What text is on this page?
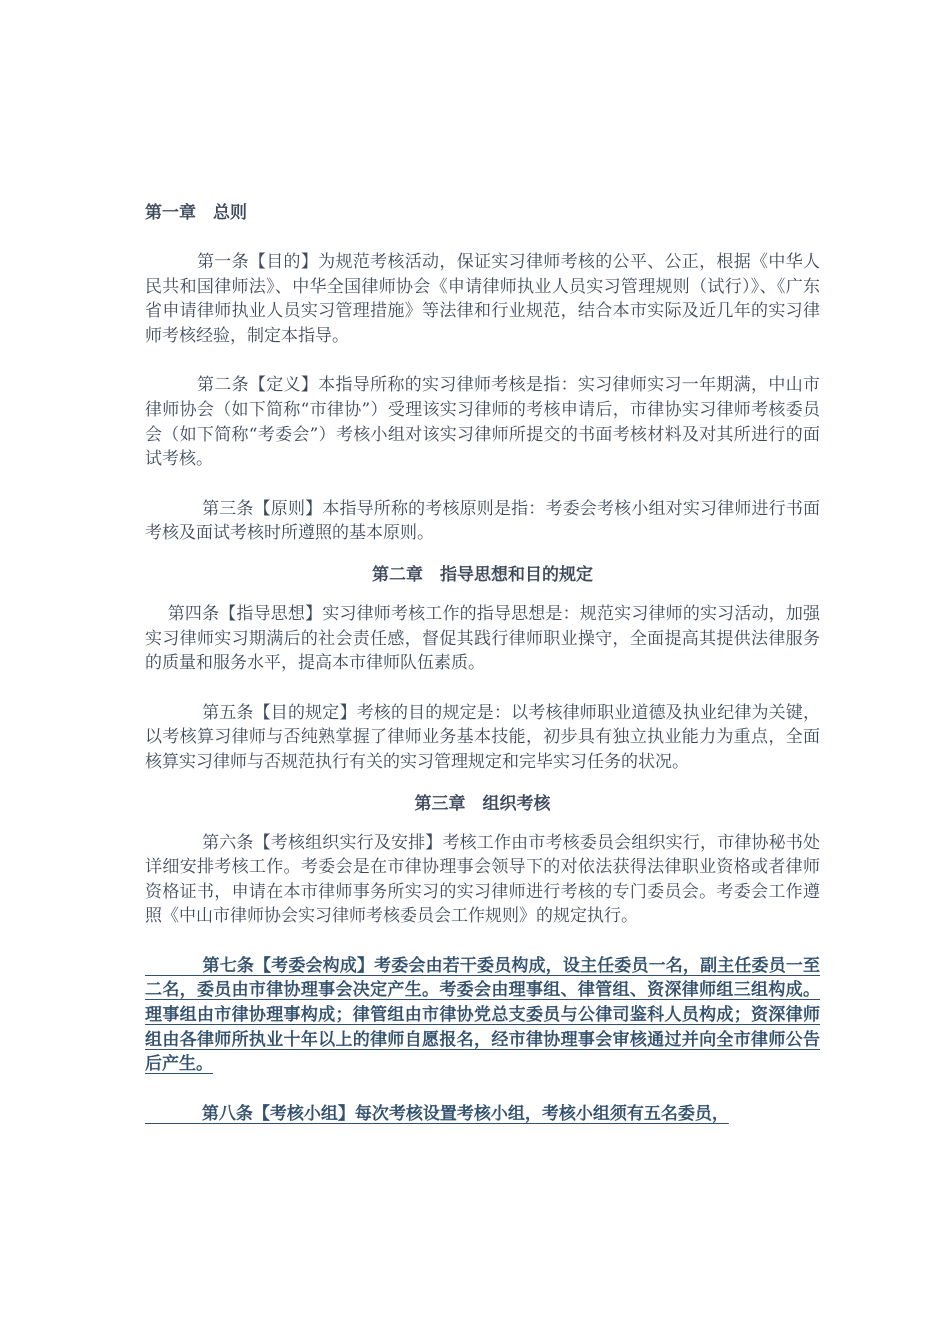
第一章　总则

　　　第一条【目的】为规范考核活动，保证实习律师考核的公平、公正，根据《中华人民共和国律师法》、中华全国律师协会《申请律师执业人员实习管理规则（试行）》、《广东省申请律师执业人员实习管理措施》等法律和行业规范，结合本市实际及近几年的实习律师考核经验，制定本指导。

　　　第二条【定义】本指导所称的实习律师考核是指：实习律师实习一年期满，中山市律师协会（如下简称“市律协”）受理该实习律师的考核申请后，市律协实习律师考核委员会（如下简称“考委会”）考核小组对该实习律师所提交的书面考核材料及对其所进行的面试考核。

　　　 第三条【原则】本指导所称的考核原则是指：考委会考核小组对实习律师进行书面考核及面试考核时所遵照的基本原则。

第二章　指导思想和目的规定

　 第四条【指导思想】实习律师考核工作的指导思想是：规范实习律师的实习活动，加强实习律师实习期满后的社会责任感，督促其践行律师职业操守，全面提高其提供法律服务的质量和服务水平，提高本市律师队伍素质。

　　　 第五条【目的规定】考核的目的规定是：以考核律师职业道德及执业纪律为关键，以考核算习律师与否纯熟掌握了律师业务基本技能，初步具有独立执业能力为重点，全面核算实习律师与否规范执行有关的实习管理规定和完毕实习任务的状况。

第三章　组织考核

　　　 第六条【考核组织实行及安排】考核工作由市考核委员会组织实行，市律协秘书处详细安排考核工作。考委会是在市律协理事会领导下的对依法获得法律职业资格或者律师资格证书，申请在本市律师事务所实习的实习律师进行考核的专门委员会。考委会工作遵照《中山市律师协会实习律师考核委员会工作规则》的规定执行。

　　　 第七条【考委会构成】考委会由若干委员构成，设主任委员一名，副主任委员一至二名，委员由市律协理事会决定产生。考委会由理事组、律管组、资深律师组三组构成。理事组由市律协理事构成；律管组由市律协党总支委员与公律司鉴科人员构成；资深律师组由各律师所执业十年以上的律师自愿报名，经市律协理事会审核通过并向全市律师公告后产生。

　　　 第八条【考核小组】每次考核设置考核小组，考核小组须有五名委员，
